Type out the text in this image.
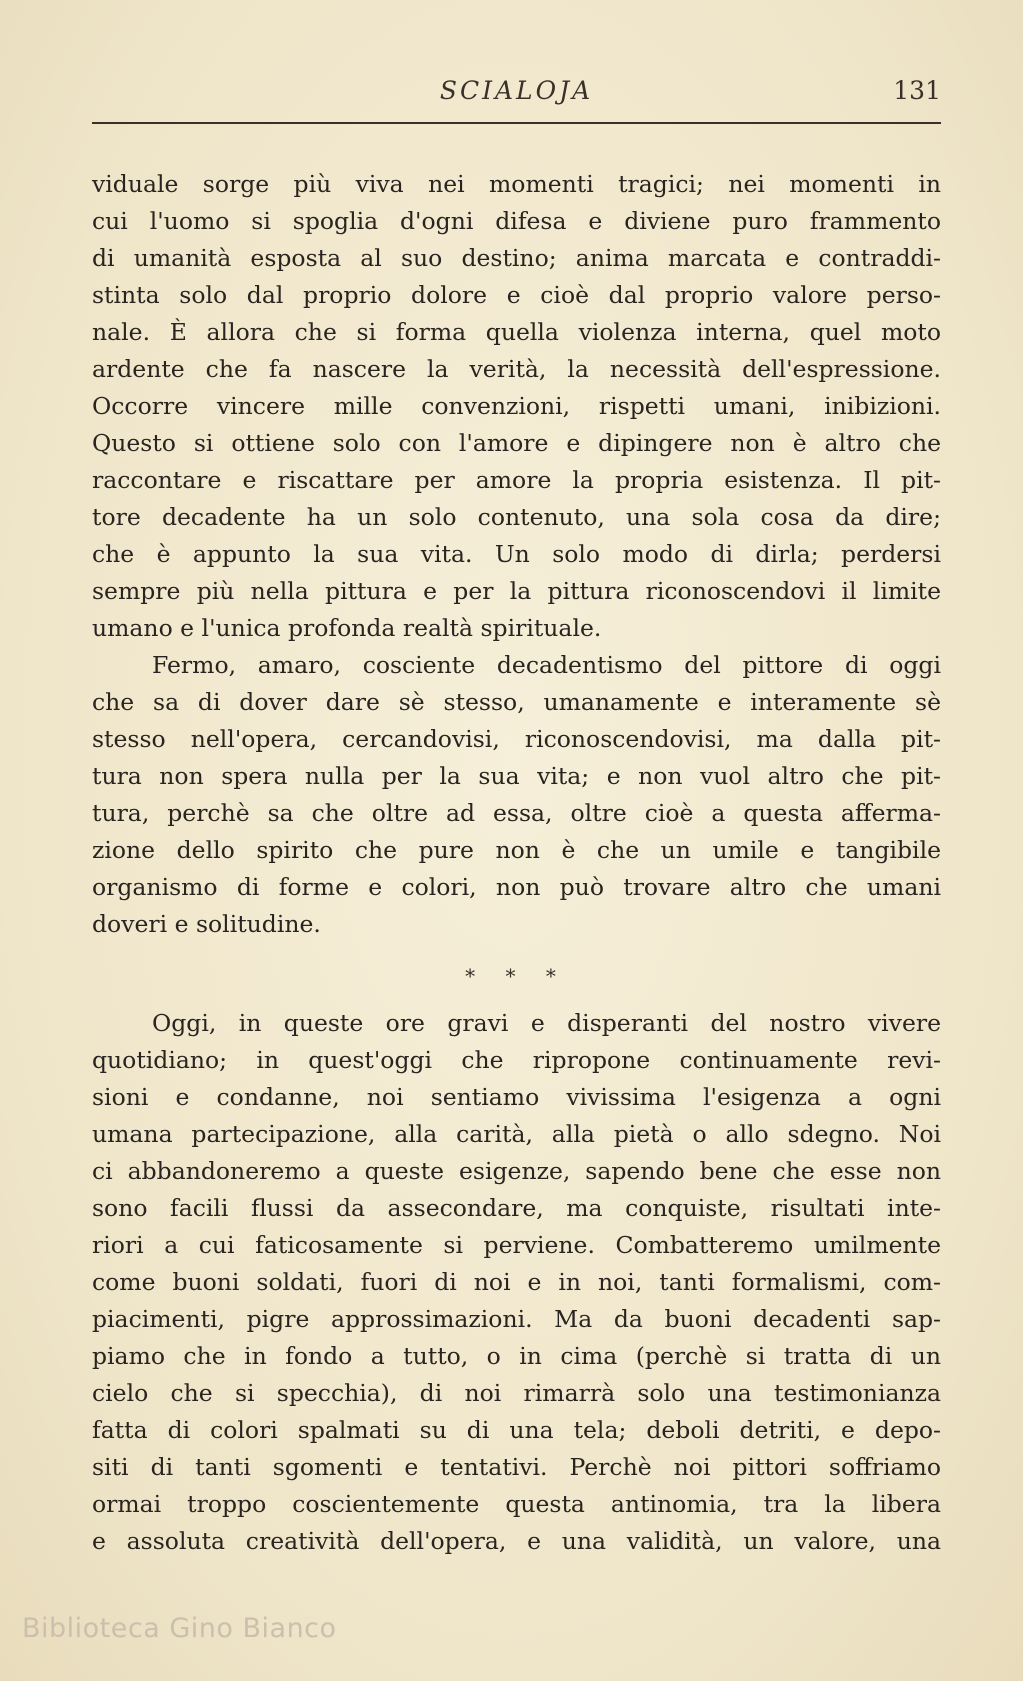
SCIALOJA	131

viduale sorge più viva nei momenti tragici; nei momenti in

cui l'uomo si spoglia d'ogni difesa e diviene puro frammento

di umanità esposta al suo destino; anima marcata e contraddi-

stinta solo dal proprio dolore e cioè dal proprio valore perso-

nale. È allora che si forma quella violenza interna, quel moto

ardente che fa nascere la verità, la necessità dell'espressione.

Occorre vincere mille convenzioni, rispetti umani, inibizioni.

Questo si ottiene solo con l'amore e dipingere non è altro che

raccontare e riscattare per amore la propria esistenza. Il pit-

tore decadente ha un solo contenuto, una sola cosa da dire;

che è appunto la sua vita. Un solo modo di dirla; perdersi

sempre più nella pittura e per la pittura riconoscendovi il limite

umano e l'unica profonda realtà spirituale.

Fermo, amaro, cosciente decadentismo del pittore di oggi

che sa di dover dare sè stesso, umanamente e interamente sè

stesso nell'opera, cercandovisi, riconoscendovisi, ma dalla pit-

tura non spera nulla per la sua vita; e non vuol altro che pit-

tura, perchè sa che oltre ad essa, oltre cioè a questa afferma-

zione dello spirito che pure non è che un umile e tangibile

organismo di forme e colori, non può trovare altro che umani

doveri e solitudine.

* * *

Oggi, in queste ore gravi e disperanti del nostro vivere

quotidiano; in quest'oggi che ripropone continuamente revi-

sioni e condanne, noi sentiamo vivissima l'esigenza a ogni

umana partecipazione, alla carità, alla pietà o allo sdegno. Noi

ci abbandoneremo a queste esigenze, sapendo bene che esse non

sono facili flussi da assecondare, ma conquiste, risultati inte-

riori a cui faticosamente si perviene. Combatteremo umilmente

come buoni soldati, fuori di noi e in noi, tanti formalismi, com-

piacimenti, pigre approssimazioni. Ma da buoni decadenti sap-

piamo che in fondo a tutto, o in cima (perchè si tratta di un

cielo che si specchia), di noi rimarrà solo una testimonianza

fatta di colori spalmati su di una tela; deboli detriti, e depo-

siti di tanti sgomenti e tentativi. Perchè noi pittori soffriamo

ormai troppo coscientemente questa antinomia, tra la libera

e assoluta creatività dell'opera, e una validità, un valore, una

Biblioteca Gino Bianco
